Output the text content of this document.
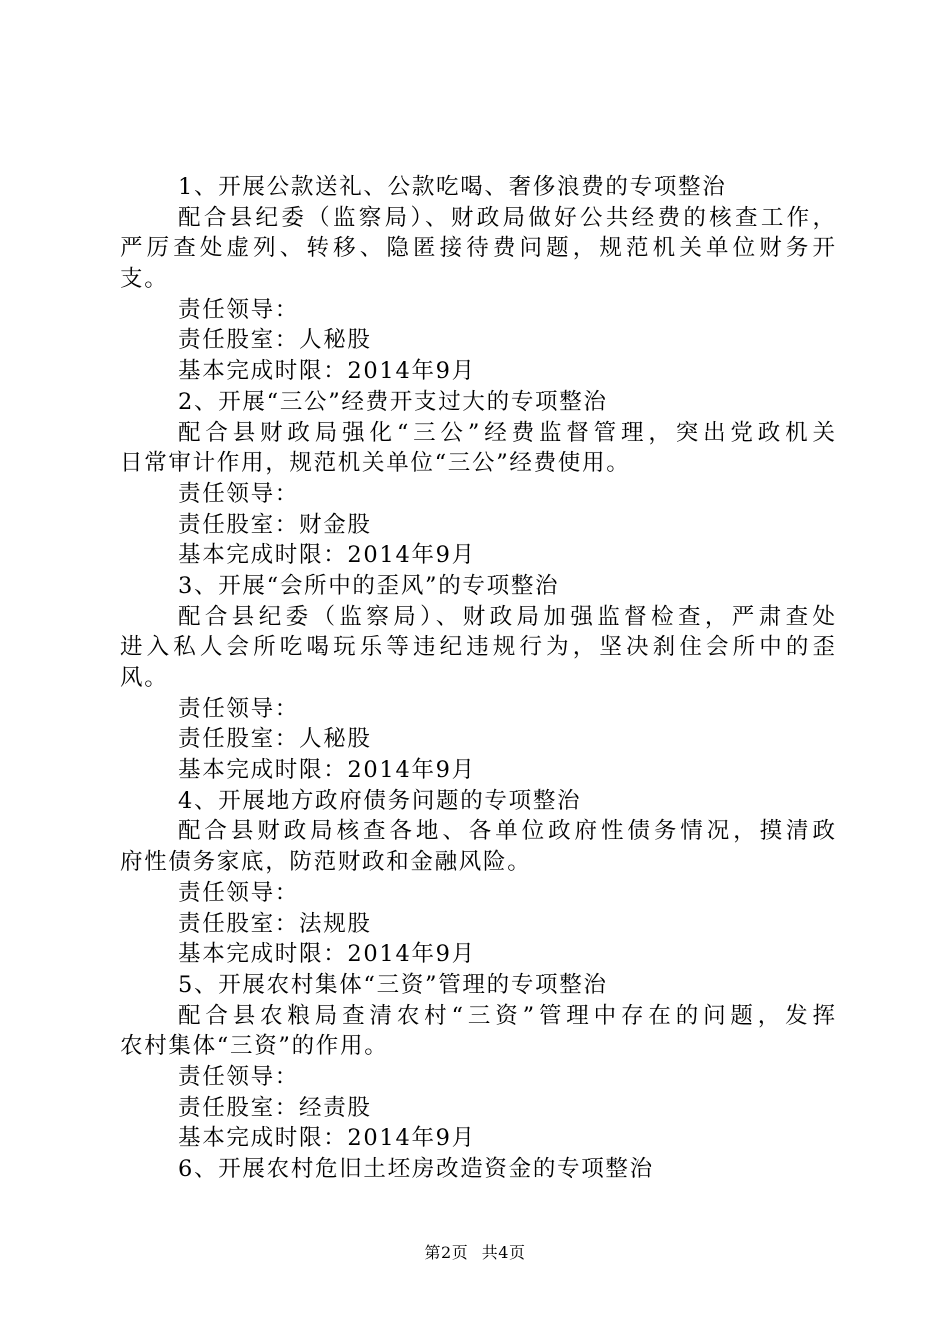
1、开展公款送礼、公款吃喝、奢侈浪费的专项整治
配合县纪委（监察局）、财政局做好公共经费的核查工作，
严厉查处虚列、转移、隐匿接待费问题，规范机关单位财务开
支。
责任领导：
责任股室：人秘股
基本完成时限：2014年9月
2、开展“三公”经费开支过大的专项整治
配合县财政局强化“三公”经费监督管理，突出党政机关
日常审计作用，规范机关单位“三公”经费使用。
责任领导：
责任股室：财金股
基本完成时限：2014年9月
3、开展“会所中的歪风”的专项整治
配合县纪委（监察局）、财政局加强监督检查，严肃查处
进入私人会所吃喝玩乐等违纪违规行为，坚决刹住会所中的歪
风。
责任领导：
责任股室：人秘股
基本完成时限：2014年9月
4、开展地方政府债务问题的专项整治
配合县财政局核查各地、各单位政府性债务情况，摸清政
府性债务家底，防范财政和金融风险。
责任领导：
责任股室：法规股
基本完成时限：2014年9月
5、开展农村集体“三资”管理的专项整治
配合县农粮局查清农村“三资”管理中存在的问题，发挥
农村集体“三资”的作用。
责任领导：
责任股室：经责股
基本完成时限：2014年9月
6、开展农村危旧土坯房改造资金的专项整治
第2页 共4页
